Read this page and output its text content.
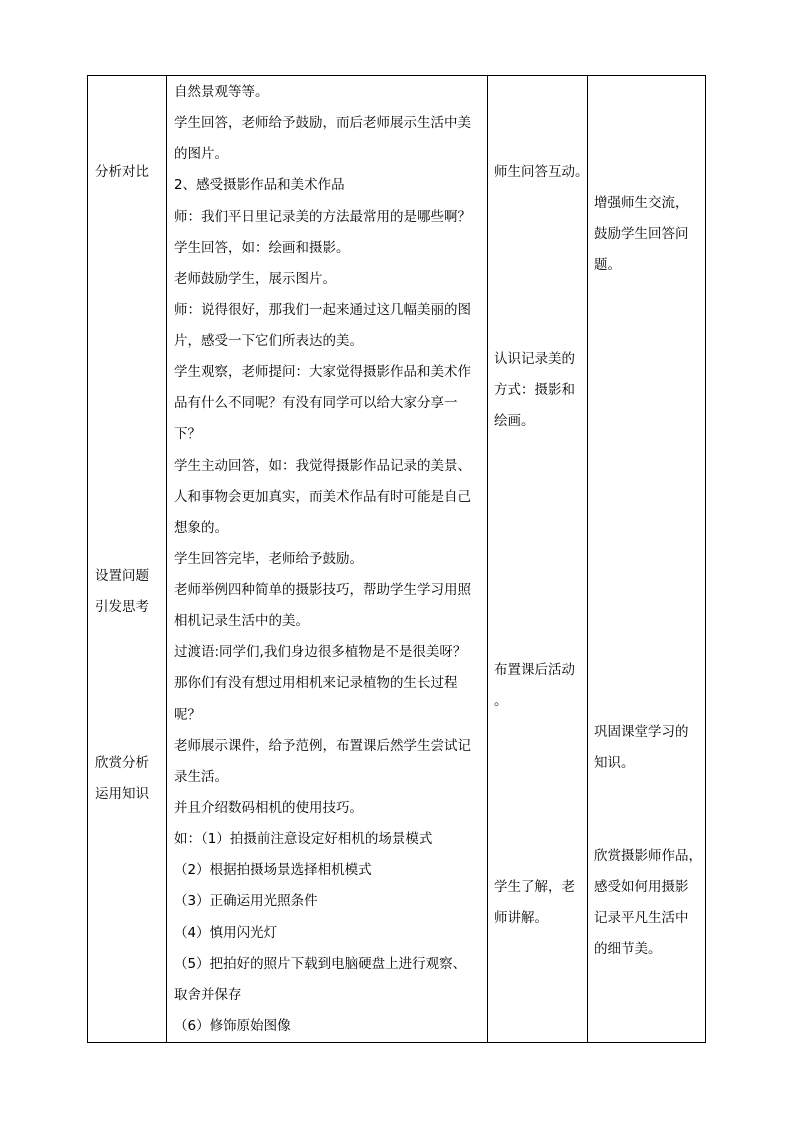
分析对比
设置问题
引发思考
欣赏分析
运用知识
自然景观等等。
学生回答，老师给予鼓励，而后老师展示生活中美
的图片。
2、感受摄影作品和美术作品
师：我们平日里记录美的方法最常用的是哪些啊？
学生回答，如：绘画和摄影。
老师鼓励学生，展示图片。
师：说得很好，那我们一起来通过这几幅美丽的图
片，感受一下它们所表达的美。
学生观察，老师提问：大家觉得摄影作品和美术作
品有什么不同呢？有没有同学可以给大家分享一
下？
学生主动回答，如：我觉得摄影作品记录的美景、
人和事物会更加真实，而美术作品有时可能是自己
想象的。
学生回答完毕，老师给予鼓励。
老师举例四种简单的摄影技巧，帮助学生学习用照
相机记录生活中的美。
过渡语:同学们,我们身边很多植物是不是很美呀？
那你们有没有想过用相机来记录植物的生长过程
呢？
老师展示课件，给予范例，布置课后然学生尝试记
录生活。
并且介绍数码相机的使用技巧。
如：（1）拍摄前注意设定好相机的场景模式
（2）根据拍摄场景选择相机模式
（3）正确运用光照条件
（4）慎用闪光灯
（5）把拍好的照片下载到电脑硬盘上进行观察、
取舍并保存
（6）修饰原始图像
师生问答互动。
认识记录美的
方式：摄影和
绘画。
布置课后活动
。
学生了解，老
师讲解。
增强师生交流，
鼓励学生回答问
题。
巩固课堂学习的
知识。
欣赏摄影师作品，
感受如何用摄影
记录平凡生活中
的细节美。
